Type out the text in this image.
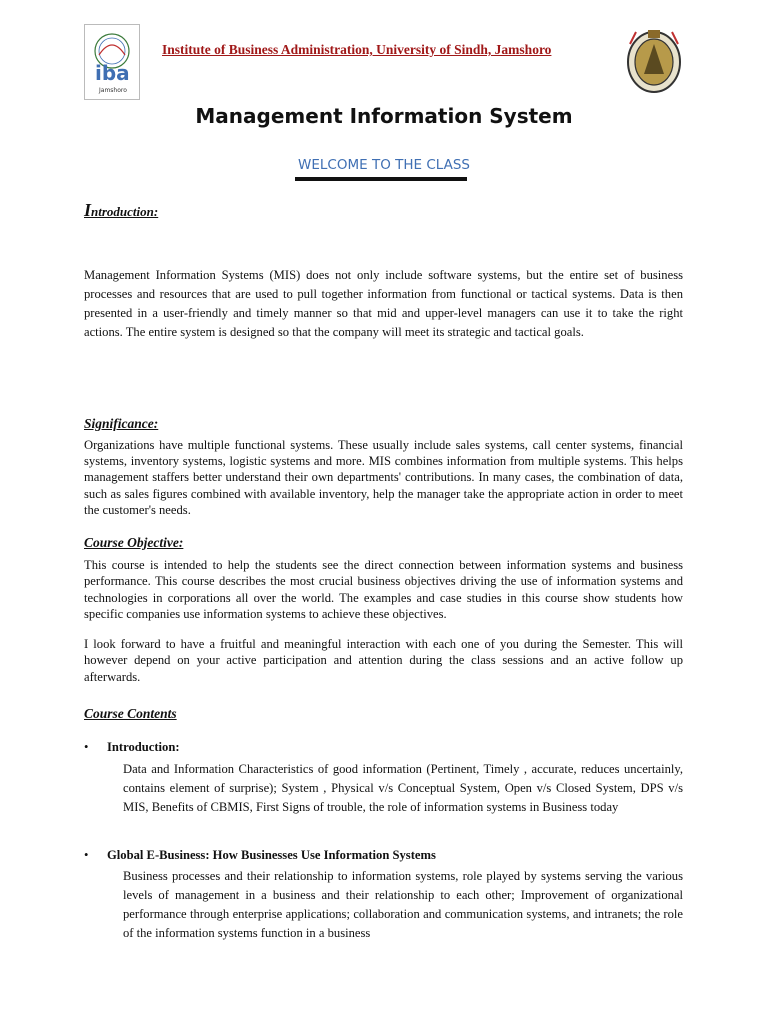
iba
Jamshoro
Institute of Business Administration, University of Sindh, Jamshoro
Management Information System
WELCOME TO THE CLASS
Introduction:

Management Information Systems (MIS) does not only include software systems, but the entire set of business processes and resources that are used to pull together information from functional or tactical systems. Data is then presented in a user-friendly and timely manner so that mid and upper-level managers can use it to take the right actions. The entire system is designed so that the company will meet its strategic and tactical goals.

Significance:

Organizations have multiple functional systems. These usually include sales systems, call center systems, financial systems, inventory systems, logistic systems and more. MIS combines information from multiple systems. This helps management staffers better understand their own departments' contributions. In many cases, the combination of data, such as sales figures combined with available inventory, help the manager take the appropriate action in order to meet the customer's needs.

Course Objective:

This course is intended to help the students see the direct connection between information systems and business performance. This course describes the most crucial business objectives driving the use of information systems and technologies in corporations all over the world. The examples and case studies in this course show students how specific companies use information systems to achieve these objectives.

I look forward to have a fruitful and meaningful interaction with each one of you during the Semester. This will however depend on your active participation and attention during the class sessions and an active follow up afterwards.

Course Contents
• Introduction:

Data and Information Characteristics of good information (Pertinent, Timely , accurate, reduces uncertainly, contains element of surprise); System , Physical v/s Conceptual System, Open v/s Closed System, DPS v/s MIS, Benefits of CBMIS, First Signs of trouble, the role of information systems in Business today

• Global E-Business: How Businesses Use Information Systems

Business processes and their relationship to information systems, role played by systems serving the various levels of management in a business and their relationship to each other; Improvement of organizational performance through enterprise applications; collaboration and communication systems, and intranets; the role of the information systems function in a business
